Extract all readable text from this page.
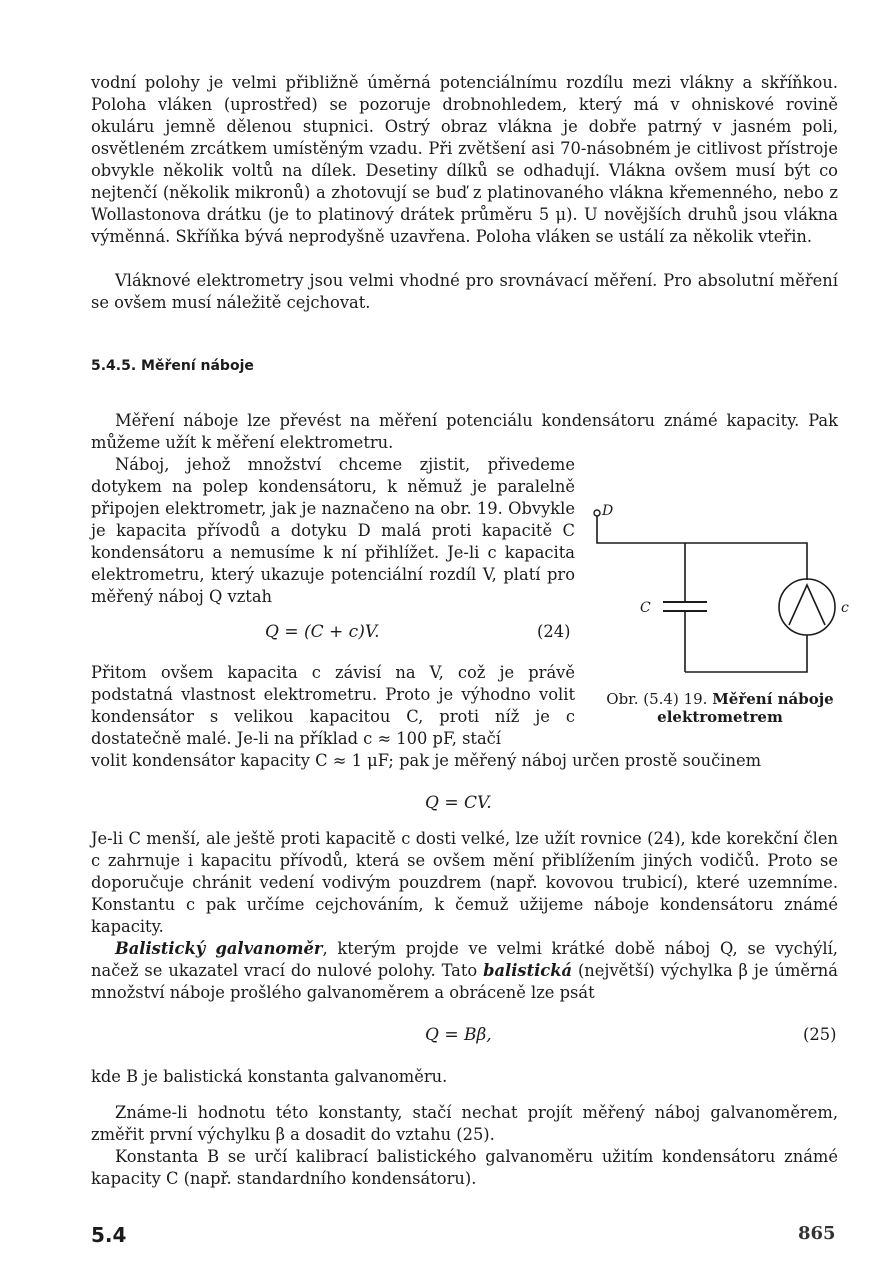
vodní polohy je velmi přibližně úměrná potenciálnímu rozdílu mezi vlákny a skříňkou. Poloha vláken (uprostřed) se pozoruje drobnohledem, který má v ohniskové rovině okuláru jemně dělenou stupnici. Ostrý obraz vlákna je dobře patrný v jasném poli, osvětleném zrcátkem umístěným vzadu. Při zvětšení asi 70-násobném je citlivost přístroje obvykle několik voltů na dílek. Desetiny dílků se odhadují. Vlákna ovšem musí být co nejtenčí (několik mikronů) a zhotovují se buď z platinovaného vlákna křemenného, nebo z Wollastonova drátku (je to platinový drátek průměru 5 μ). U novějších druhů jsou vlákna výměnná. Skříňka bývá neprodyšně uzavřena. Poloha vláken se ustálí za několik vteřin.

Vláknové elektrometry jsou velmi vhodné pro srovnávací měření. Pro absolutní měření se ovšem musí náležitě cejchovat.

5.4.5. Měření náboje

Měření náboje lze převést na měření potenciálu kondensátoru známé kapacity. Pak můžeme užít k měření elektrometru.

Náboj, jehož množství chceme zjistit, přivedeme dotykem na polep kondensátoru, k němuž je paralelně připojen elektrometr, jak je naznačeno na obr. 19. Obvykle je kapacita přívodů a dotyku D malá proti kapacitě C kondensátoru a nemusíme k ní přihlížet. Je-li c kapacita elektrometru, který ukazuje potenciální rozdíl V, platí pro měřený náboj Q vztah

Q = (C + c)V.	(24)

Přitom ovšem kapacita c závisí na V, což je právě podstatná vlastnost elektrometru. Proto je výhodno volit kondensátor s velikou kapacitou C, proti níž je c dostatečně malé. Je-li na příklad c ≈ 100 pF, stačí

volit kondensátor kapacity C ≈ 1 μF; pak je měřený náboj určen prostě součinem

Q = CV.

Je-li C menší, ale ještě proti kapacitě c dosti velké, lze užít rovnice (24), kde korekční člen c zahrnuje i kapacitu přívodů, která se ovšem mění přiblížením jiných vodičů. Proto se doporučuje chránit vedení vodivým pouzdrem (např. kovovou trubicí), které uzemníme. Konstantu c pak určíme cejchováním, k čemuž užijeme náboje kondensátoru známé kapacity.

Balistický galvanoměr, kterým projde ve velmi krátké době náboj Q, se vychýlí, načež se ukazatel vrací do nulové polohy. Tato balistická (největší) výchylka β je úměrná množství náboje prošlého galvanoměrem a obráceně lze psát

Q = Bβ,	(25)

kde B je balistická konstanta galvanoměru.

Známe-li hodnotu této konstanty, stačí nechat projít měřený náboj galvanoměrem, změřit první výchylku β a dosadit do vztahu (25).

Konstanta B se určí kalibrací balistického galvanoměru užitím kondensátoru známé kapacity C (např. standardního kondensátoru).

D
C	c
Obr. (5.4) 19. Měření náboje elektrometrem
5.4	865
